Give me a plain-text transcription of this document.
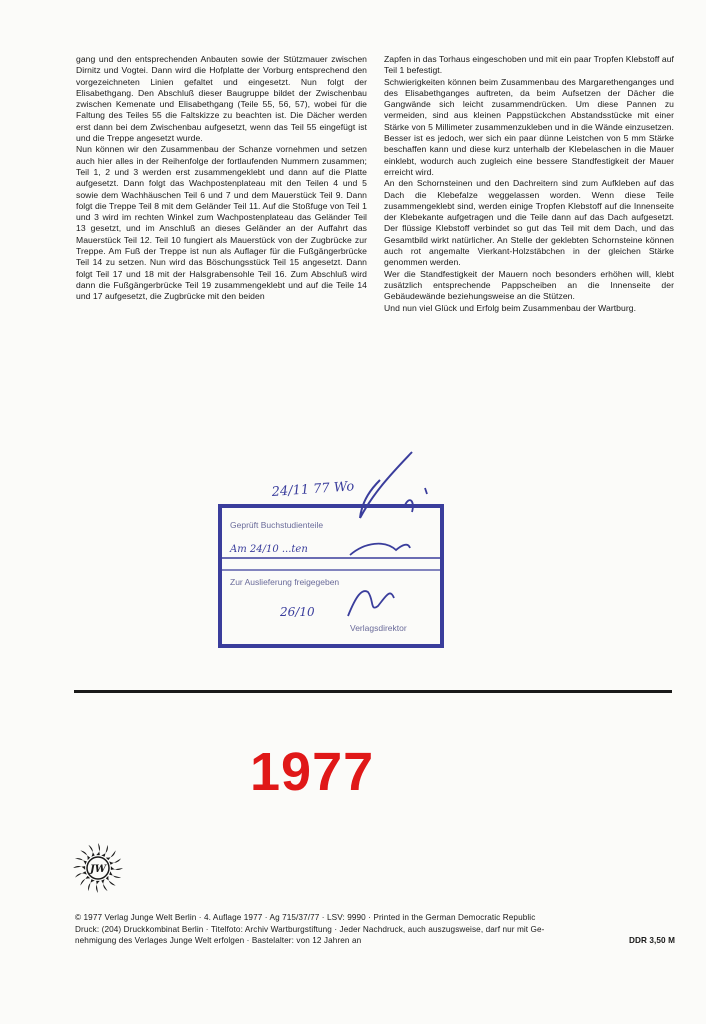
gang und den entsprechenden Anbauten sowie der Stützmauer zwischen Dirnitz und Vogtei. Dann wird die Hofplatte der Vorburg entsprechend den vorgezeichneten Linien gefaltet und eingesetzt. Nun folgt der Elisabethgang. Den Abschluß dieser Baugruppe bildet der Zwischenbau zwischen Kemenate und Elisabethgang (Teile 55, 56, 57), wobei für die Faltung des Teiles 55 die Faltskizze zu beachten ist. Die Dächer werden erst dann bei dem Zwischenbau aufgesetzt, wenn das Teil 55 eingefügt ist und die Treppe angesetzt wurde.

Nun können wir den Zusammenbau der Schanze vornehmen und setzen auch hier alles in der Reihenfolge der fortlaufenden Nummern zusammen; Teil 1, 2 und 3 werden erst zusammengeklebt und dann auf die Platte aufgesetzt. Dann folgt das Wachpostenplateau mit den Teilen 4 und 5 sowie dem Wachhäuschen Teil 6 und 7 und dem Mauerstück Teil 9. Dann folgt die Treppe Teil 8 mit dem Geländer Teil 11. Auf die Stoßfuge von Teil 1 und 3 wird im rechten Winkel zum Wachpostenplateau das Geländer Teil 13 gesetzt, und im Anschluß an dieses Geländer an der Auffahrt das Mauerstück Teil 12. Teil 10 fungiert als Mauerstück von der Zugbrücke zur Treppe. Am Fuß der Treppe ist nun als Auflager für die Fußgängerbrücke Teil 14 zu setzen. Nun wird das Böschungsstück Teil 15 angesetzt. Dann folgt Teil 17 und 18 mit der Halsgrabensohle Teil 16. Zum Abschluß wird dann die Fußgängerbrücke Teil 19 zusammengeklebt und auf die Teile 14 und 17 aufgesetzt, die Zugbrücke mit den beiden

Zapfen in das Torhaus eingeschoben und mit ein paar Tropfen Klebstoff auf Teil 1 befestigt.

Schwierigkeiten können beim Zusammenbau des Margarethenganges und des Elisabethganges auftreten, da beim Aufsetzen der Dächer die Gangwände sich leicht zusammendrücken. Um diese Pannen zu vermeiden, sind aus kleinen Pappstückchen Abstandsstücke mit einer Stärke von 5 Millimeter zusammenzukleben und in die Wände einzusetzen. Besser ist es jedoch, wer sich ein paar dünne Leistchen von 5 mm Stärke beschaffen kann und diese kurz unterhalb der Klebelaschen in die Mauer einklebt, wodurch auch zugleich eine bessere Standfestigkeit der Mauer erreicht wird.

An den Schornsteinen und den Dachreitern sind zum Aufkleben auf das Dach die Klebefalze weggelassen worden. Wenn diese Teile zusammengeklebt sind, werden einige Tropfen Klebstoff auf die Innenseite der Klebekante aufgetragen und die Teile dann auf das Dach aufgesetzt. Der flüssige Klebstoff verbindet so gut das Teil mit dem Dach, und das Gesamtbild wirkt natürlicher. An Stelle der geklebten Schornsteine können auch rot angemalte Vierkant-Holzstäbchen in der gleichen Stärke genommen werden.

Wer die Standfestigkeit der Mauern noch besonders erhöhen will, klebt zusätzlich entsprechende Pappscheiben an die Innenseite der Gebäudewände beziehungsweise an die Stützen.

Und nun viel Glück und Erfolg beim Zusammenbau der Wartburg.

24/11 77 Wo
Geprüft Buchstudienteile
Am 24/10 ...ten
Zur Auslieferung freigegeben
26/10
Verlagsdirektor
1977
JW
© 1977 Verlag Junge Welt Berlin · 4. Auflage 1977 · Ag 715/37/77 · LSV: 9990 · Printed in the German Democratic Republic
Druck: (204) Druckkombinat Berlin · Titelfoto: Archiv Wartburgstiftung · Jeder Nachdruck, auch auszugsweise, darf nur mit Ge-
nehmigung des Verlages Junge Welt erfolgen · Bastelalter: von 12 Jahren an	DDR 3,50 M
